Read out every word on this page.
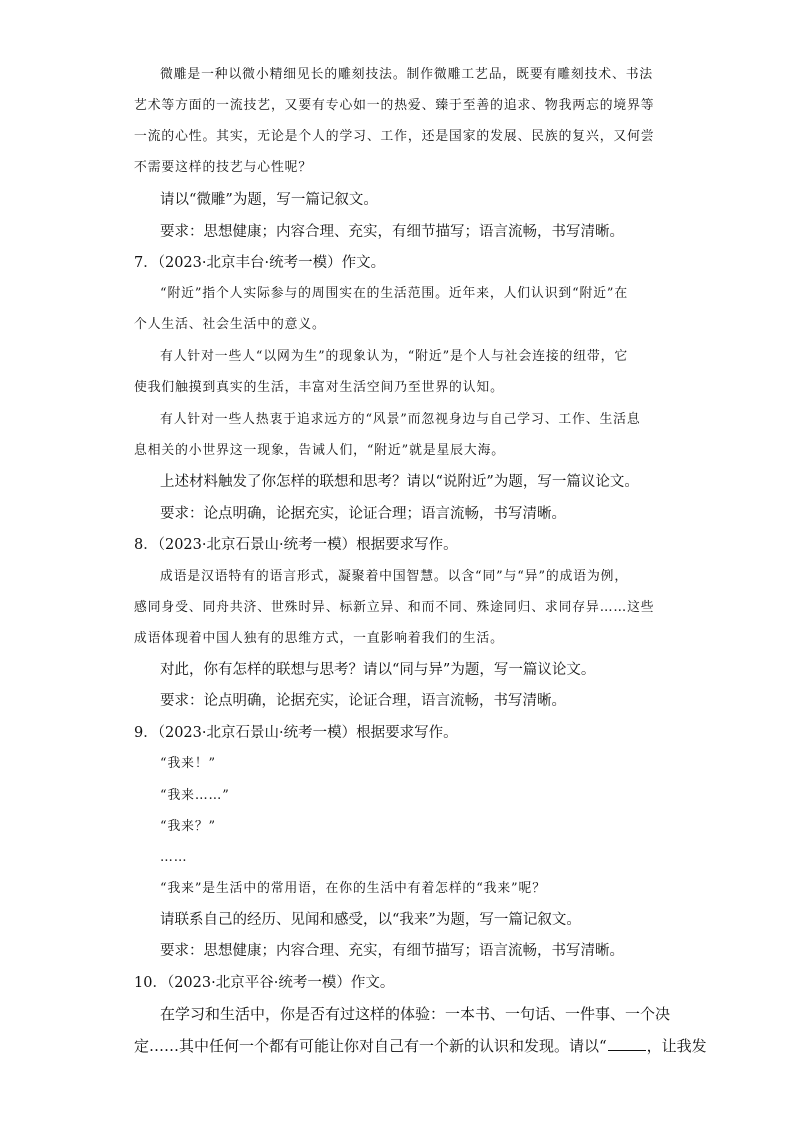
微雕是一种以微小精细见长的雕刻技法。制作微雕工艺品，既要有雕刻技术、书法
艺术等方面的一流技艺，又要有专心如一的热爱、臻于至善的追求、物我两忘的境界等
一流的心性。其实，无论是个人的学习、工作，还是国家的发展、民族的复兴，又何尝
不需要这样的技艺与心性呢？
请以“微雕”为题，写一篇记叙文。
要求：思想健康；内容合理、充实，有细节描写；语言流畅，书写清晰。
7．（2023·北京丰台·统考一模）作文。
“附近”指个人实际参与的周围实在的生活范围。近年来，人们认识到“附近”在
个人生活、社会生活中的意义。
有人针对一些人“以网为生”的现象认为，“附近”是个人与社会连接的纽带，它
使我们触摸到真实的生活，丰富对生活空间乃至世界的认知。
有人针对一些人热衷于追求远方的“风景”而忽视身边与自己学习、工作、生活息
息相关的小世界这一现象，告诫人们，“附近”就是星辰大海。
上述材料触发了你怎样的联想和思考？请以“说附近”为题，写一篇议论文。
要求：论点明确，论据充实，论证合理；语言流畅，书写清晰。
8．（2023·北京石景山·统考一模）根据要求写作。
成语是汉语特有的语言形式，凝聚着中国智慧。以含“同”与“异”的成语为例，
感同身受、同舟共济、世殊时异、标新立异、和而不同、殊途同归、求同存异……这些
成语体现着中国人独有的思维方式，一直影响着我们的生活。
对此，你有怎样的联想与思考？请以“同与异”为题，写一篇议论文。
要求：论点明确，论据充实，论证合理，语言流畅，书写清晰。
9．（2023·北京石景山·统考一模）根据要求写作。
“我来！”
“我来……”
“我来？”
……
“我来”是生活中的常用语，在你的生活中有着怎样的“我来”呢？
请联系自己的经历、见闻和感受，以“我来”为题，写一篇记叙文。
要求：思想健康；内容合理、充实，有细节描写；语言流畅，书写清晰。
10．（2023·北京平谷·统考一模）作文。
在学习和生活中，你是否有过这样的体验：一本书、一句话、一件事、一个决
定……其中任何一个都有可能让你对自己有一个新的认识和发现。请以“	，让我发
